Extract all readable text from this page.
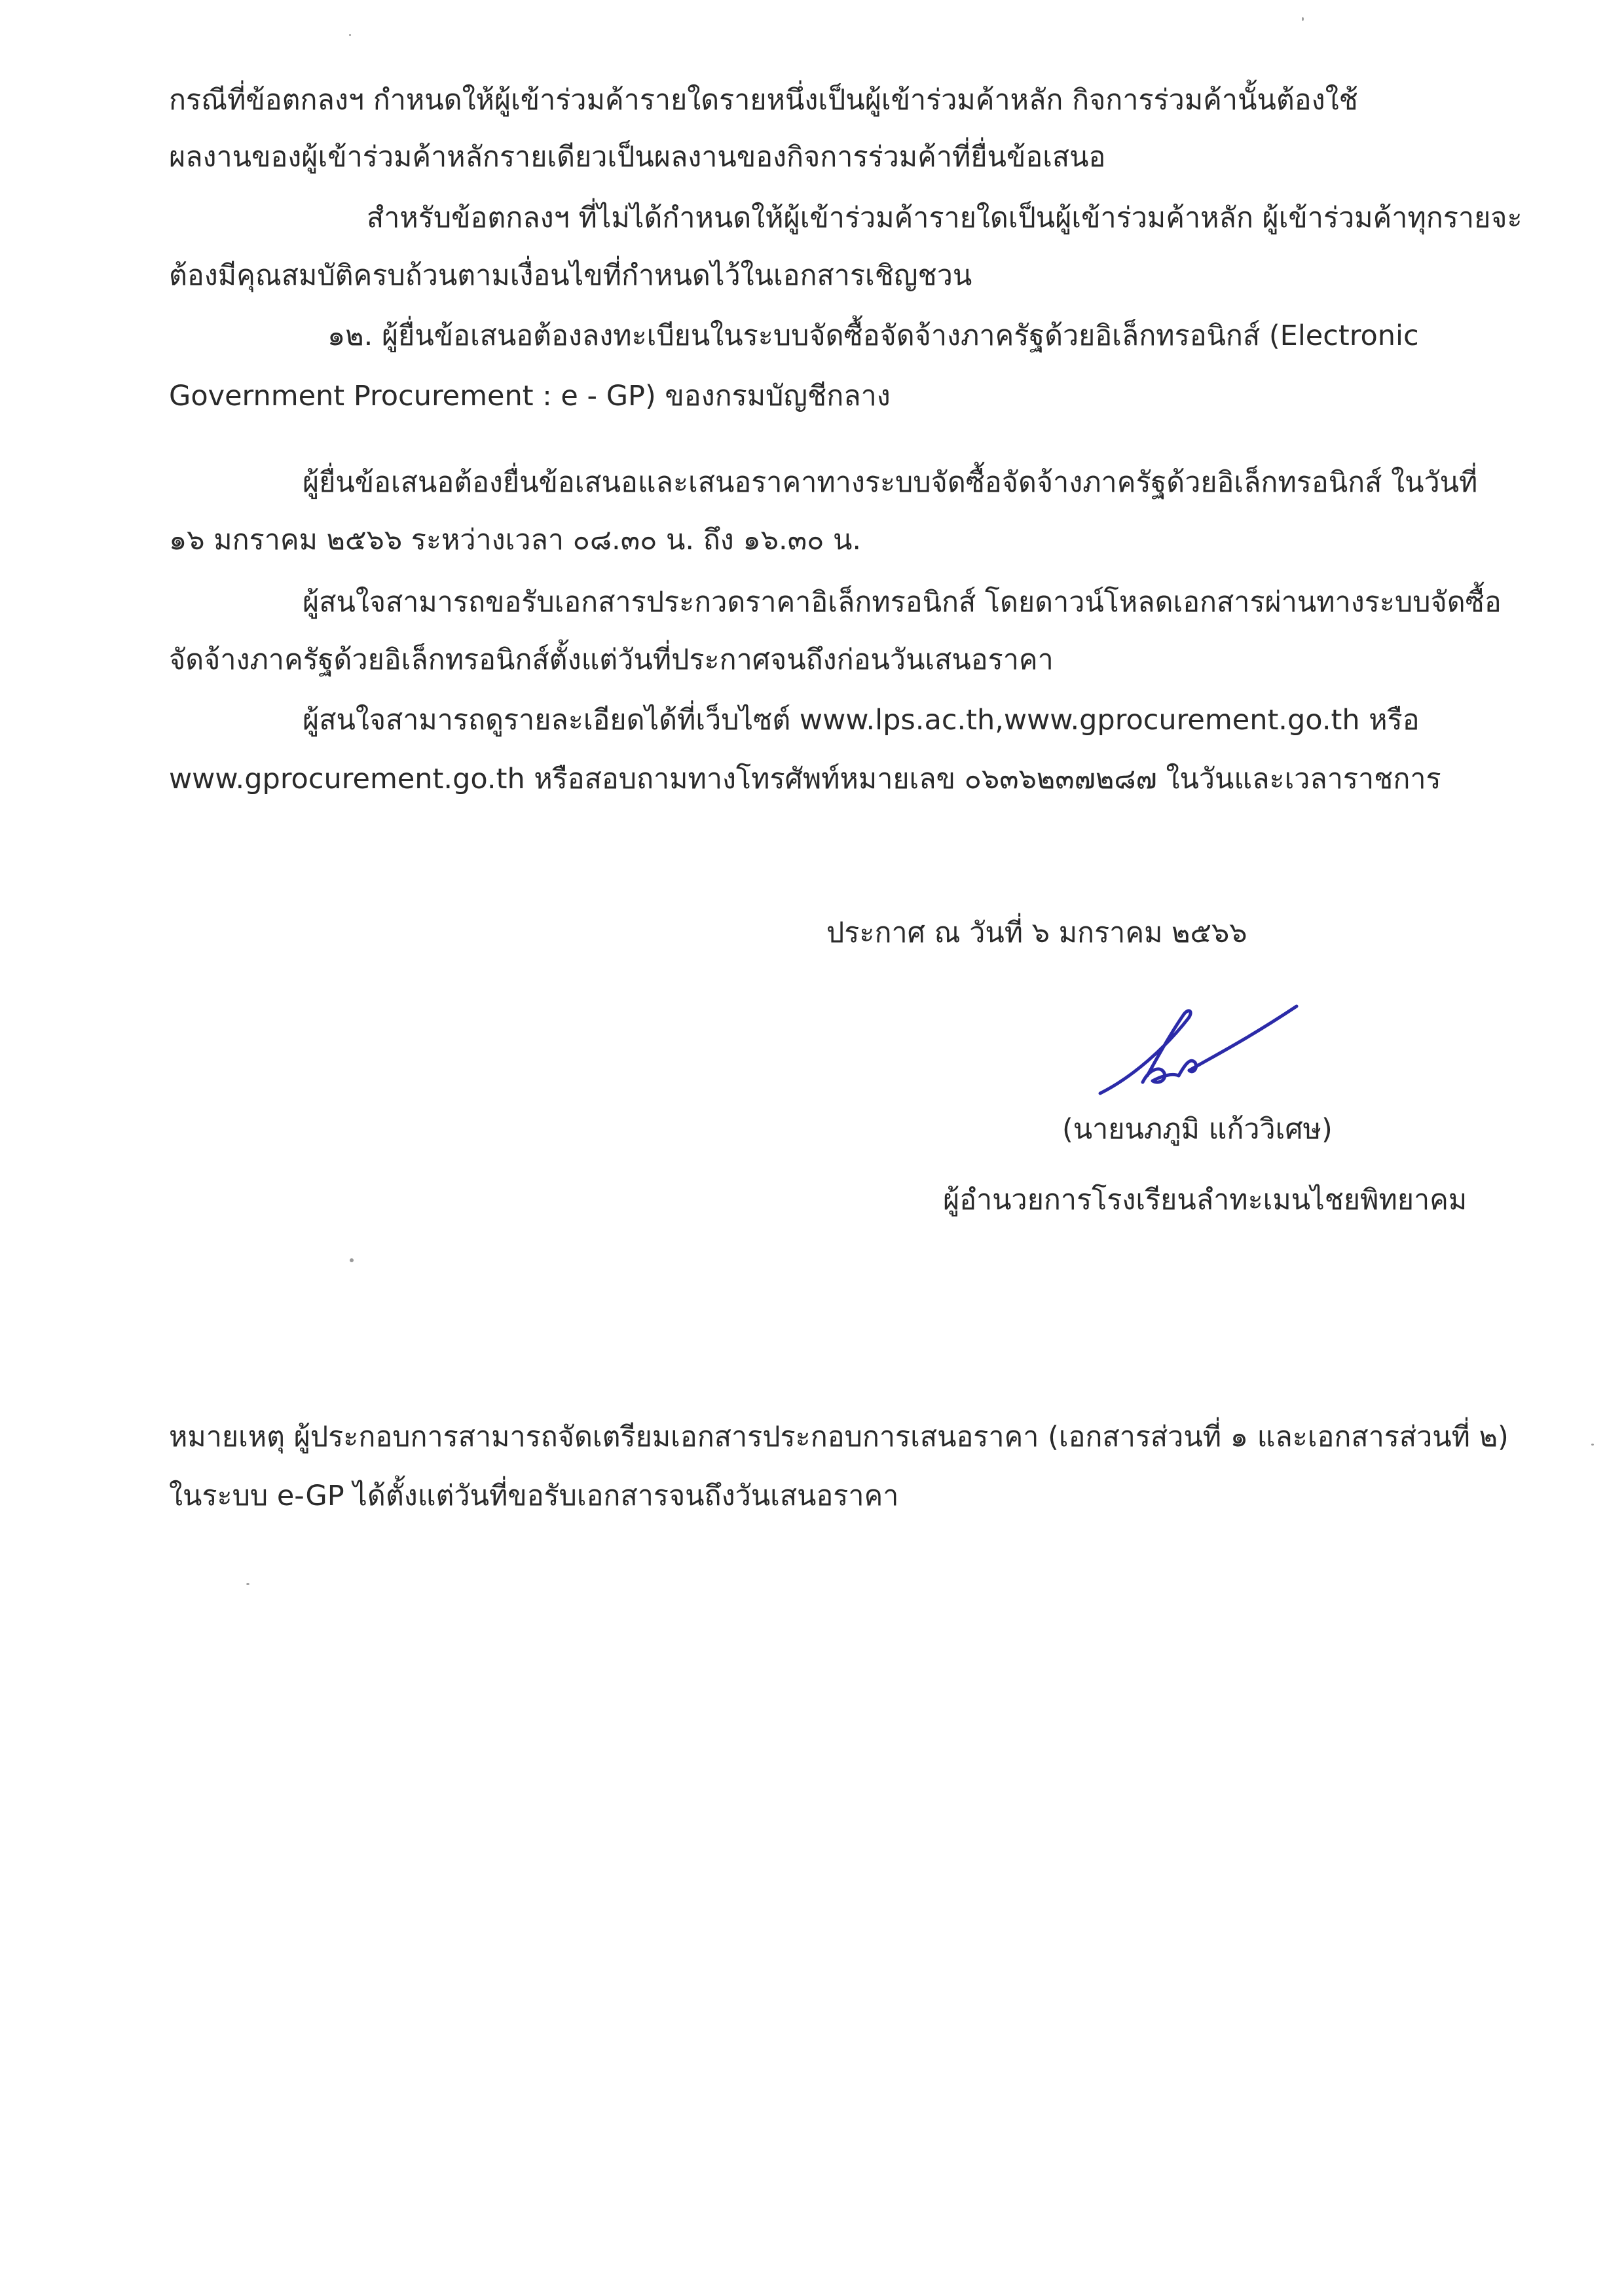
กรณีที่ข้อตกลงฯ กำหนดให้ผู้เข้าร่วมค้ารายใดรายหนึ่งเป็นผู้เข้าร่วมค้าหลัก กิจการร่วมค้านั้นต้องใช้

ผลงานของผู้เข้าร่วมค้าหลักรายเดียวเป็นผลงานของกิจการร่วมค้าที่ยื่นข้อเสนอ

สำหรับข้อตกลงฯ ที่ไม่ได้กำหนดให้ผู้เข้าร่วมค้ารายใดเป็นผู้เข้าร่วมค้าหลัก ผู้เข้าร่วมค้าทุกรายจะ

ต้องมีคุณสมบัติครบถ้วนตามเงื่อนไขที่กำหนดไว้ในเอกสารเชิญชวน

๑๒. ผู้ยื่นข้อเสนอต้องลงทะเบียนในระบบจัดซื้อจัดจ้างภาครัฐด้วยอิเล็กทรอนิกส์ (Electronic

Government Procurement : e - GP) ของกรมบัญชีกลาง

ผู้ยื่นข้อเสนอต้องยื่นข้อเสนอและเสนอราคาทางระบบจัดซื้อจัดจ้างภาครัฐด้วยอิเล็กทรอนิกส์ ในวันที่

๑๖ มกราคม ๒๕๖๖ ระหว่างเวลา ๐๘.๓๐ น. ถึง ๑๖.๓๐ น.

ผู้สนใจสามารถขอรับเอกสารประกวดราคาอิเล็กทรอนิกส์ โดยดาวน์โหลดเอกสารผ่านทางระบบจัดซื้อ

จัดจ้างภาครัฐด้วยอิเล็กทรอนิกส์ตั้งแต่วันที่ประกาศจนถึงก่อนวันเสนอราคา

ผู้สนใจสามารถดูรายละเอียดได้ที่เว็บไซต์ www.lps.ac.th,www.gprocurement.go.th หรือ

www.gprocurement.go.th หรือสอบถามทางโทรศัพท์หมายเลข ๐๖๓๖๒๓๗๒๘๗ ในวันและเวลาราชการ

ประกาศ ณ วันที่ ๖ มกราคม ๒๕๖๖

(นายนภภูมิ แก้ววิเศษ)

ผู้อำนวยการโรงเรียนลำทะเมนไชยพิทยาคม

หมายเหตุ ผู้ประกอบการสามารถจัดเตรียมเอกสารประกอบการเสนอราคา (เอกสารส่วนที่ ๑ และเอกสารส่วนที่ ๒)

ในระบบ e-GP ได้ตั้งแต่วันที่ขอรับเอกสารจนถึงวันเสนอราคา
